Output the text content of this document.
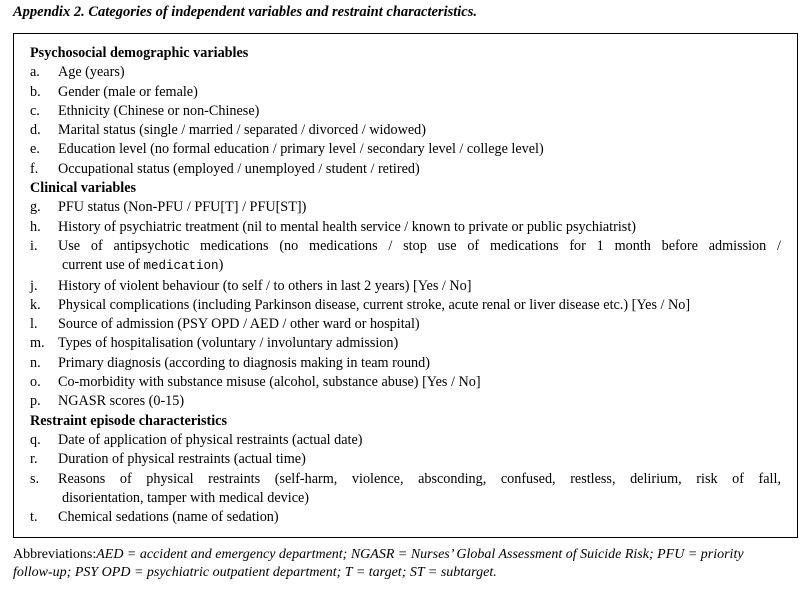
Appendix 2. Categories of independent variables and restraint characteristics.
Psychosocial demographic variables
a.	Age (years)
b.	Gender (male or female)
c.	Ethnicity (Chinese or non-Chinese)
d.	Marital status (single / married / separated / divorced / widowed)
e.	Education level (no formal education / primary level / secondary level / college level)
f.	Occupational status (employed / unemployed / student / retired)
Clinical variables
g.	PFU status (Non-PFU / PFU[T] / PFU[ST])
h.	History of psychiatric treatment (nil to mental health service / known to private or public psychiatrist)
i.	Use of antipsychotic medications (no medications / stop use of medications for 1 month before admission /
current use of medication)
j.	History of violent behaviour (to self / to others in last 2 years) [Yes / No]
k.	Physical complications (including Parkinson disease, current stroke, acute renal or liver disease etc.) [Yes / No]
l.	Source of admission (PSY OPD / AED / other ward or hospital)
m. Types of hospitalisation (voluntary / involuntary admission)
n.	Primary diagnosis (according to diagnosis making in team round)
o.	Co-morbidity with substance misuse (alcohol, substance abuse) [Yes / No]
p.	NGASR scores (0-15)
Restraint episode characteristics
q.	Date of application of physical restraints (actual date)
r.	Duration of physical restraints (actual time)
s.	Reasons of physical restraints (self-harm, violence, absconding, confused, restless, delirium, risk of fall,
disorientation, tamper with medical device)
t.	Chemical sedations (name of sedation)
Abbreviations:AED = accident and emergency department; NGASR = Nurses’ Global Assessment of Suicide Risk; PFU = priority follow-up; PSY OPD = psychiatric outpatient department; T = target; ST = subtarget.
